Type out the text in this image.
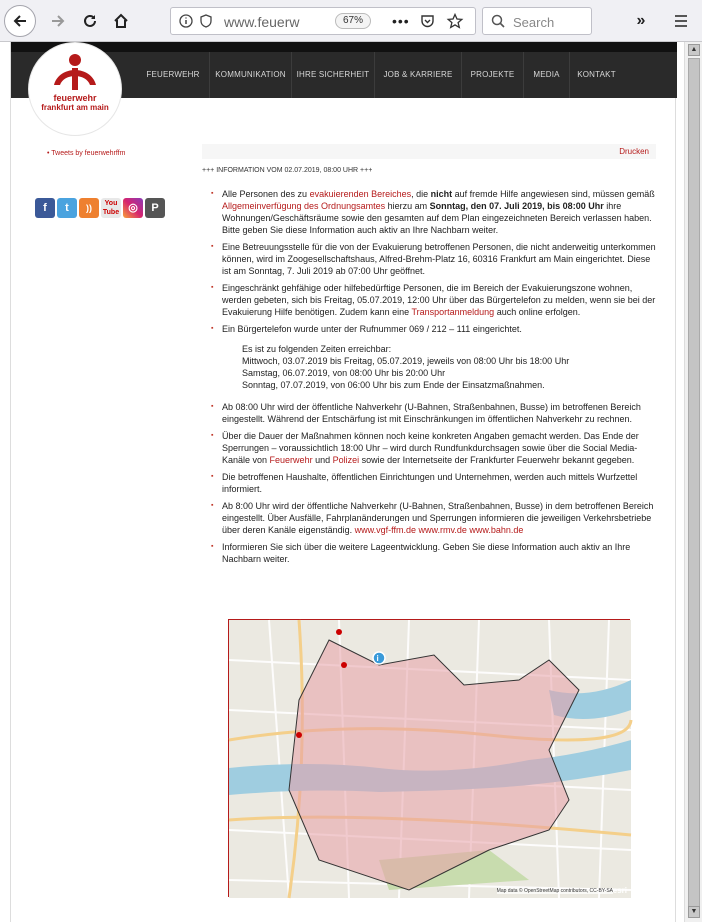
www.feuerw	67%	•••	Search	»
FEUERWEHR	KOMMUNIKATION	IHRE SICHERHEIT	JOB & KARRIERE	PROJEKTE	MEDIA	KONTAKT
feuerwehr
frankfurt am main
• Tweets by feuerwehrffm
f	t	))	You
Tube ◎	P
Drucken
+++ INFORMATION VOM 02.07.2019, 08:00 UHR +++
▪ Alle Personen des zu evakuierenden Bereiches, die nicht auf fremde Hilfe angewiesen sind, müssen gemäß Allgemeinverfügung des Ordnungsamtes hierzu am Sonntag, den 07. Juli 2019, bis 08:00 Uhr ihre Wohnungen/Geschäftsräume sowie den gesamten auf dem Plan eingezeichneten Bereich verlassen haben. Bitte geben Sie diese Information auch aktiv an Ihre Nachbarn weiter.
▪ Eine Betreuungsstelle für die von der Evakuierung betroffenen Personen, die nicht anderweitig unterkommen können, wird im Zoogesellschaftshaus, Alfred-Brehm-Platz 16, 60316 Frankfurt am Main eingerichtet. Diese ist am Sonntag, 7. Juli 2019 ab 07:00 Uhr geöffnet.
▪ Eingeschränkt gehfähige oder hilfebedürftige Personen, die im Bereich der Evakuierungszone wohnen, werden gebeten, sich bis Freitag, 05.07.2019, 12:00 Uhr über das Bürgertelefon zu melden, wenn sie bei der Evakuierung Hilfe benötigen. Zudem kann eine Transportanmeldung auch online erfolgen.
▪ Ein Bürgertelefon wurde unter der Rufnummer 069 / 212 – 111 eingerichtet.
Es ist zu folgenden Zeiten erreichbar:
Mittwoch, 03.07.2019 bis Freitag, 05.07.2019, jeweils von 08:00 Uhr bis 18:00 Uhr
Samstag, 06.07.2019, von 08:00 Uhr bis 20:00 Uhr
Sonntag, 07.07.2019, von 06:00 Uhr bis zum Ende der Einsatzmaßnahmen.
▪ Ab 08:00 Uhr wird der öffentliche Nahverkehr (U-Bahnen, Straßenbahnen, Busse) im betroffenen Bereich eingestellt. Während der Entschärfung ist mit Einschränkungen im öffentlichen Nahverkehr zu rechnen.
▪ Über die Dauer der Maßnahmen können noch keine konkreten Angaben gemacht werden. Das Ende der Sperrungen – voraussichtlich 18:00 Uhr – wird durch Rundfunkdurchsagen sowie über die Social Media-Kanäle von Feuerwehr und Polizei sowie der Internetseite der Frankfurter Feuerwehr bekannt gegeben.
▪ Die betroffenen Haushalte, öffentlichen Einrichtungen und Unternehmen, werden auch mittels Wurfzettel informiert.
▪ Ab 8:00 Uhr wird der öffentliche Nahverkehr (U-Bahnen, Straßenbahnen, Busse) in dem betroffenen Bereich eingestellt. Über Ausfälle, Fahrplanänderungen und Sperrungen informieren die jeweiligen Verkehrsbetriebe über deren Kanäle eigenständig. www.vgf-ffm.de www.rmv.de www.bahn.de
▪ Informieren Sie sich über die weitere Lageentwicklung. Geben Sie diese Information auch aktiv an Ihre Nachbarn weiter.
i
Map data © OpenStreetMap contributors, CC-BY-SA esri
▲
▼
